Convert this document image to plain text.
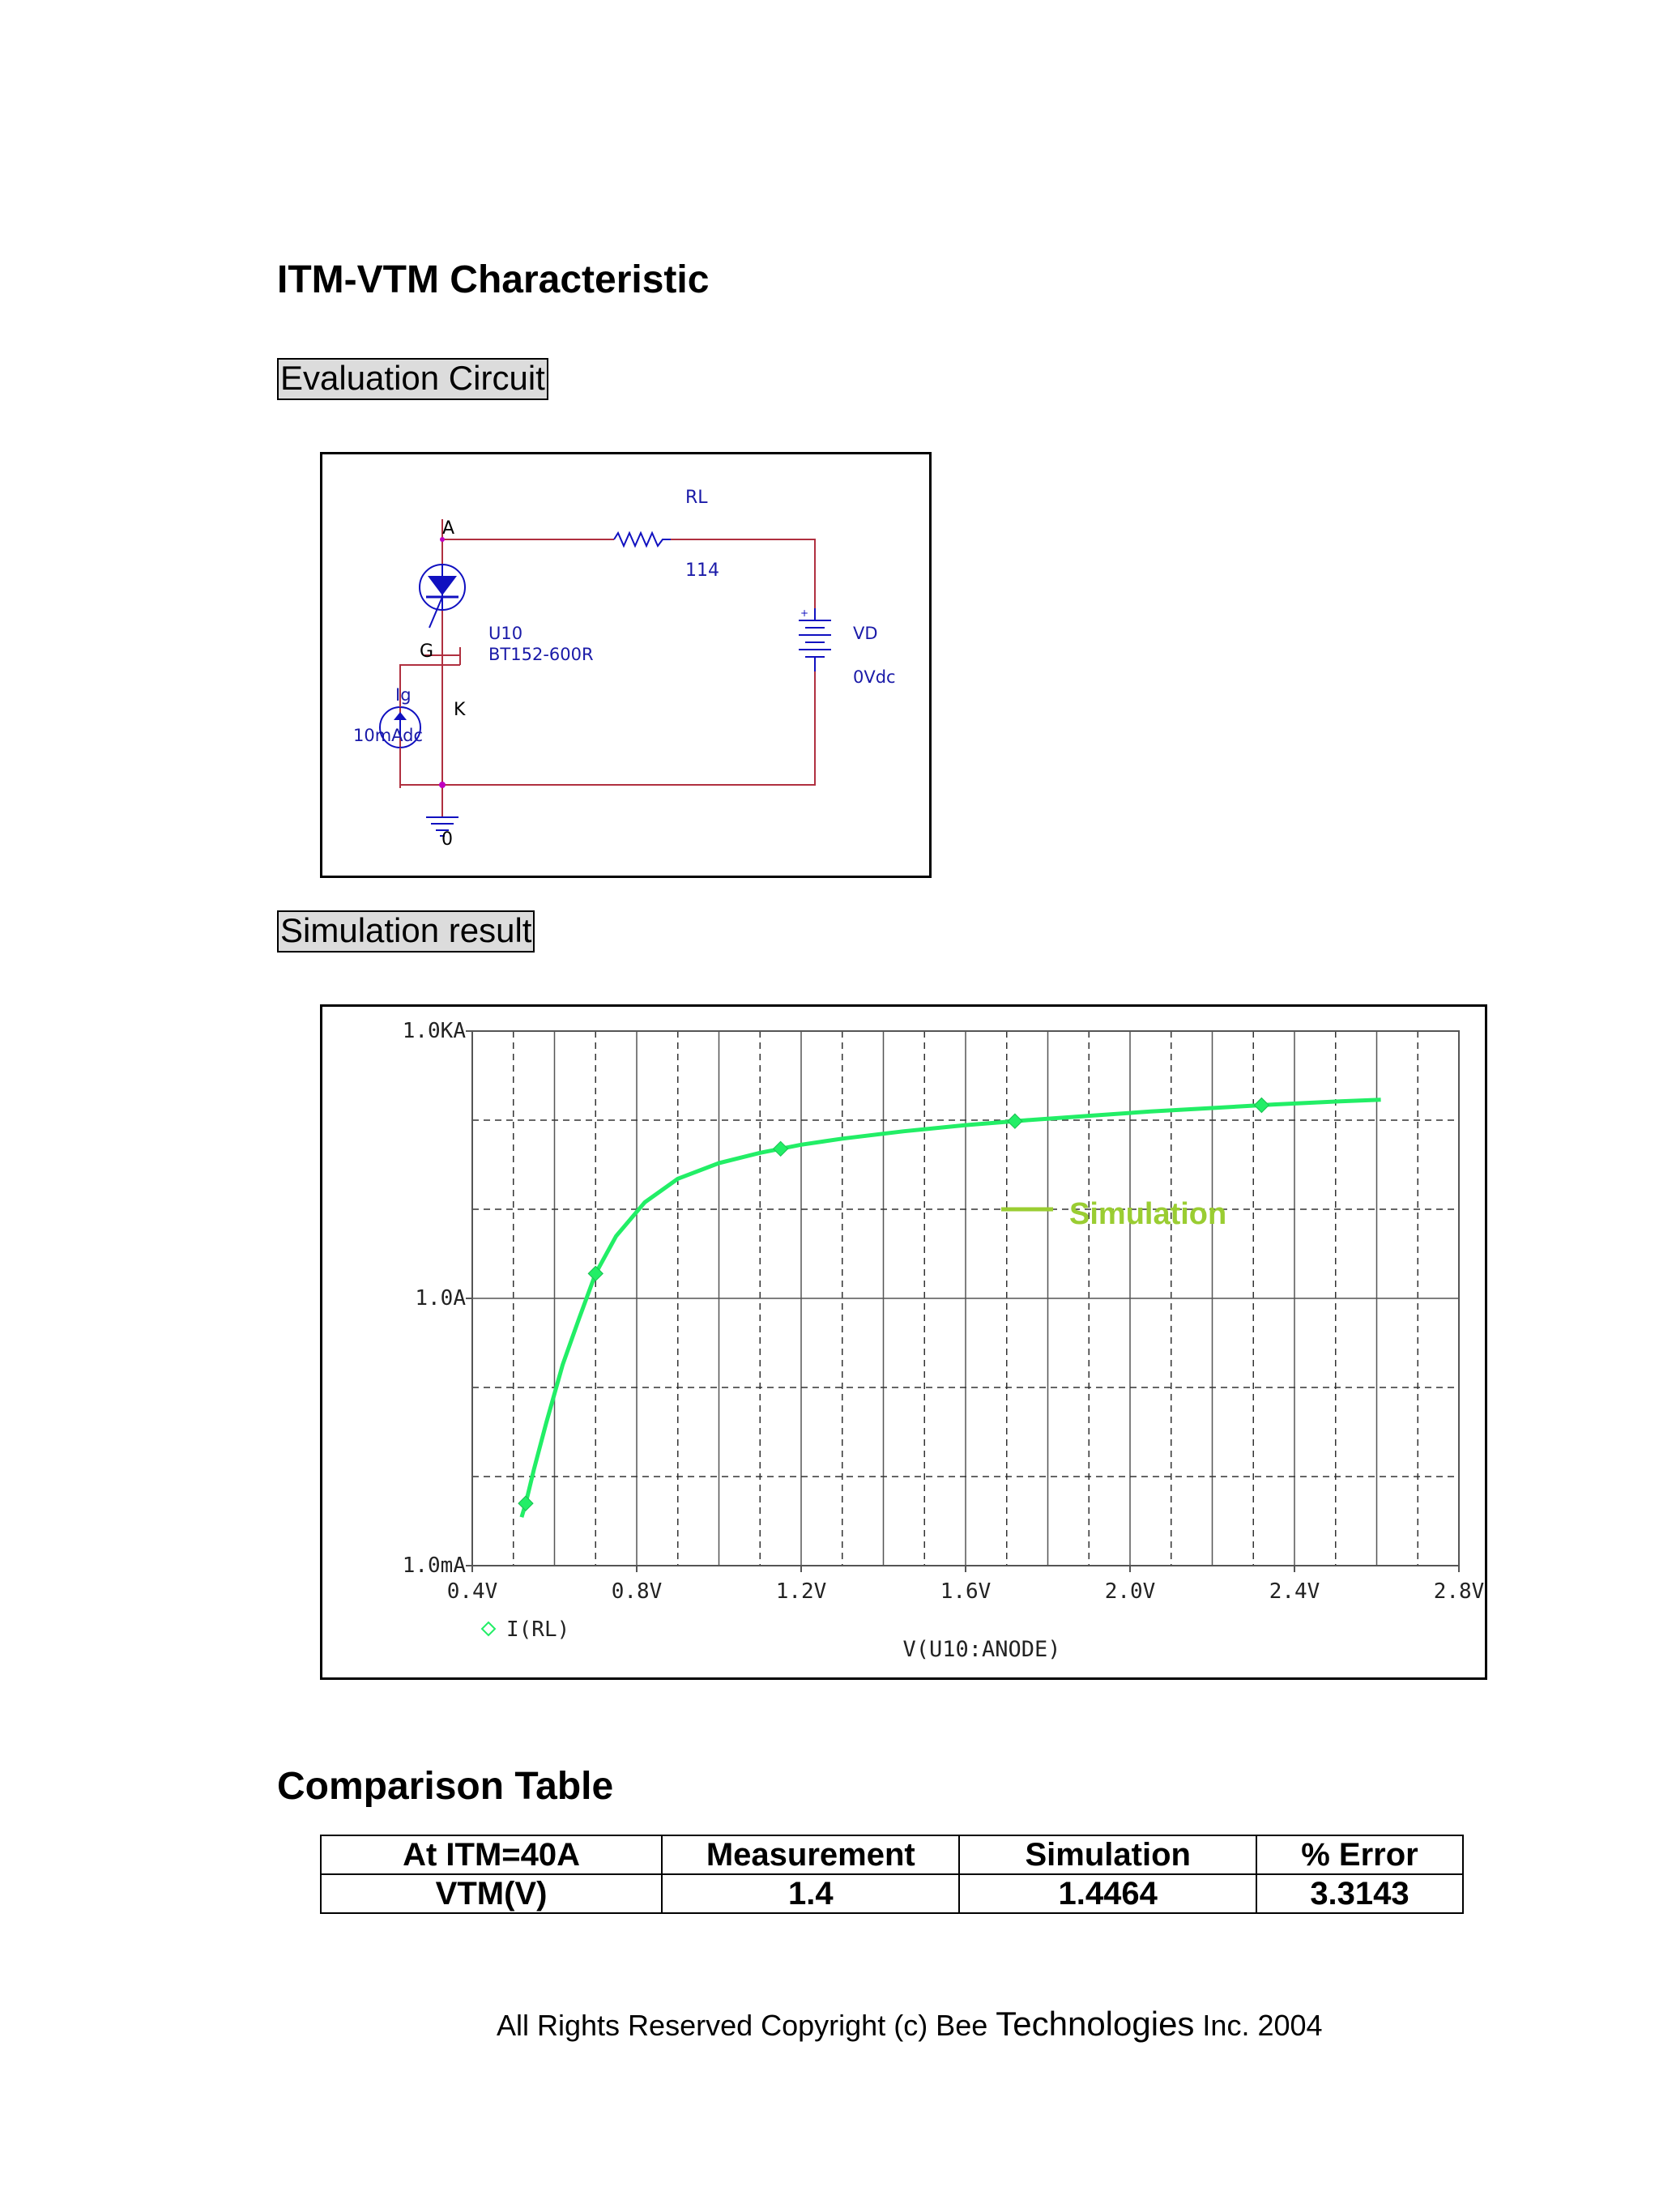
ITM-VTM Characteristic
Evaluation Circuit
+
RL
114
A
G
K
U10
BT152-600R
VD
0Vdc
Ig
10mAdc
0
Simulation result
1.0mA
1.0A
1.0KA
0.4V	0.8V	1.2V	1.6V	2.0V	2.4V	2.8V
V(U10:ANODE)
I(RL)
Simulation
Comparison Table
At ITM=40A	Measurement	Simulation	% Error
VTM(V)	1.4	1.4464	3.3143
All Rights Reserved Copyright (c) Bee Technologies Inc. 2004
